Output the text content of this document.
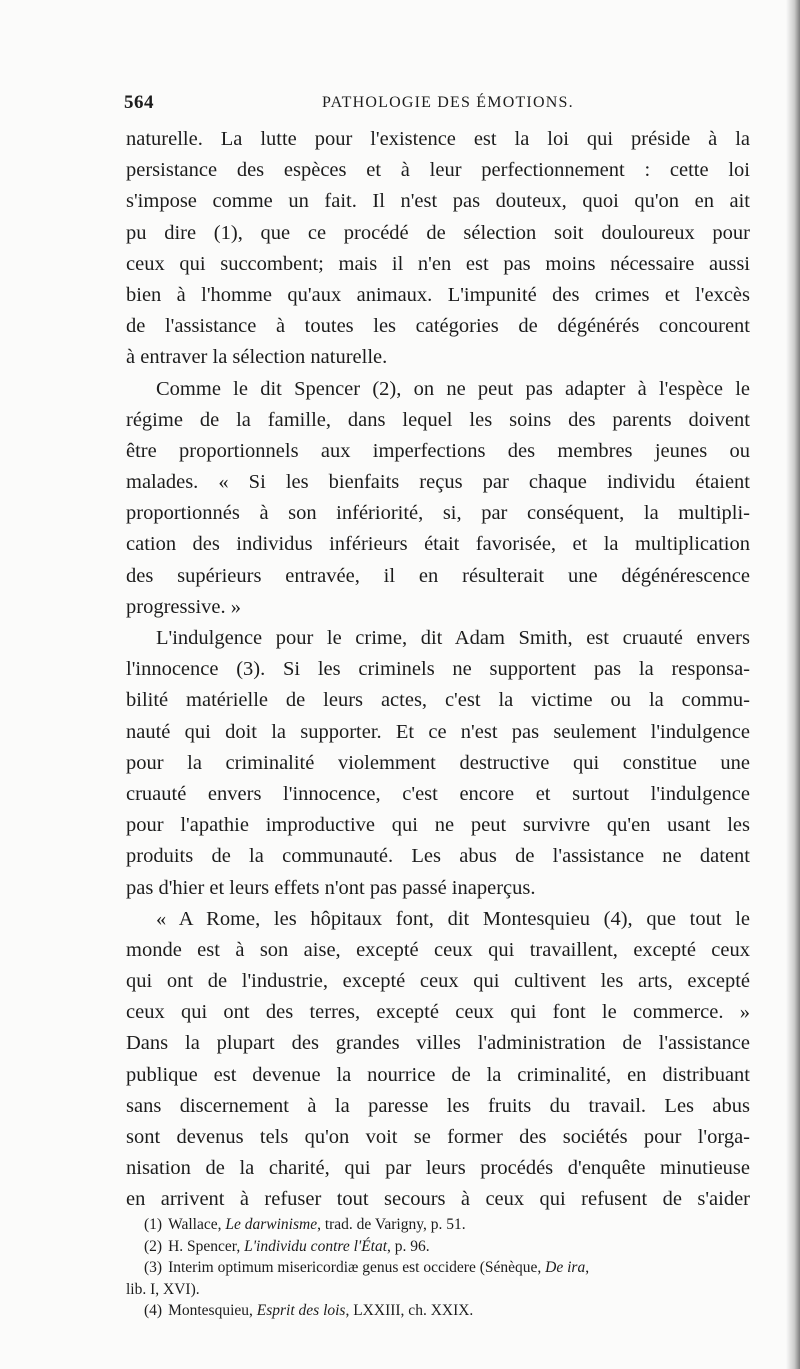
564	PATHOLOGIE DES ÉMOTIONS.
naturelle. La lutte pour l'existence est la loi qui préside à la
persistance des espèces et à leur perfectionnement : cette loi
s'impose comme un fait. Il n'est pas douteux, quoi qu'on en ait
pu dire (1), que ce procédé de sélection soit douloureux pour
ceux qui succombent; mais il n'en est pas moins nécessaire aussi
bien à l'homme qu'aux animaux. L'impunité des crimes et l'excès
de l'assistance à toutes les catégories de dégénérés concourent
à entraver la sélection naturelle.
Comme le dit Spencer (2), on ne peut pas adapter à l'espèce le
régime de la famille, dans lequel les soins des parents doivent
être proportionnels aux imperfections des membres jeunes ou
malades. « Si les bienfaits reçus par chaque individu étaient
proportionnés à son infériorité, si, par conséquent, la multipli-
cation des individus inférieurs était favorisée, et la multiplication
des supérieurs entravée, il en résulterait une dégénérescence
progressive. »
L'indulgence pour le crime, dit Adam Smith, est cruauté envers
l'innocence (3). Si les criminels ne supportent pas la responsa-
bilité matérielle de leurs actes, c'est la victime ou la commu-
nauté qui doit la supporter. Et ce n'est pas seulement l'indulgence
pour la criminalité violemment destructive qui constitue une
cruauté envers l'innocence, c'est encore et surtout l'indulgence
pour l'apathie improductive qui ne peut survivre qu'en usant les
produits de la communauté. Les abus de l'assistance ne datent
pas d'hier et leurs effets n'ont pas passé inaperçus.
« A Rome, les hôpitaux font, dit Montesquieu (4), que tout le
monde est à son aise, excepté ceux qui travaillent, excepté ceux
qui ont de l'industrie, excepté ceux qui cultivent les arts, excepté
ceux qui ont des terres, excepté ceux qui font le commerce. »
Dans la plupart des grandes villes l'administration de l'assistance
publique est devenue la nourrice de la criminalité, en distribuant
sans discernement à la paresse les fruits du travail. Les abus
sont devenus tels qu'on voit se former des sociétés pour l'orga-
nisation de la charité, qui par leurs procédés d'enquête minutieuse
en arrivent à refuser tout secours à ceux qui refusent de s'aider
(1) Wallace, Le darwinisme, trad. de Varigny, p. 51.
(2) H. Spencer, L'individu contre l'État, p. 96.
(3) Interim optimum misericordiæ genus est occidere (Sénèque, De ira,
lib. I, XVI).
(4) Montesquieu, Esprit des lois, LXXIII, ch. XXIX.
